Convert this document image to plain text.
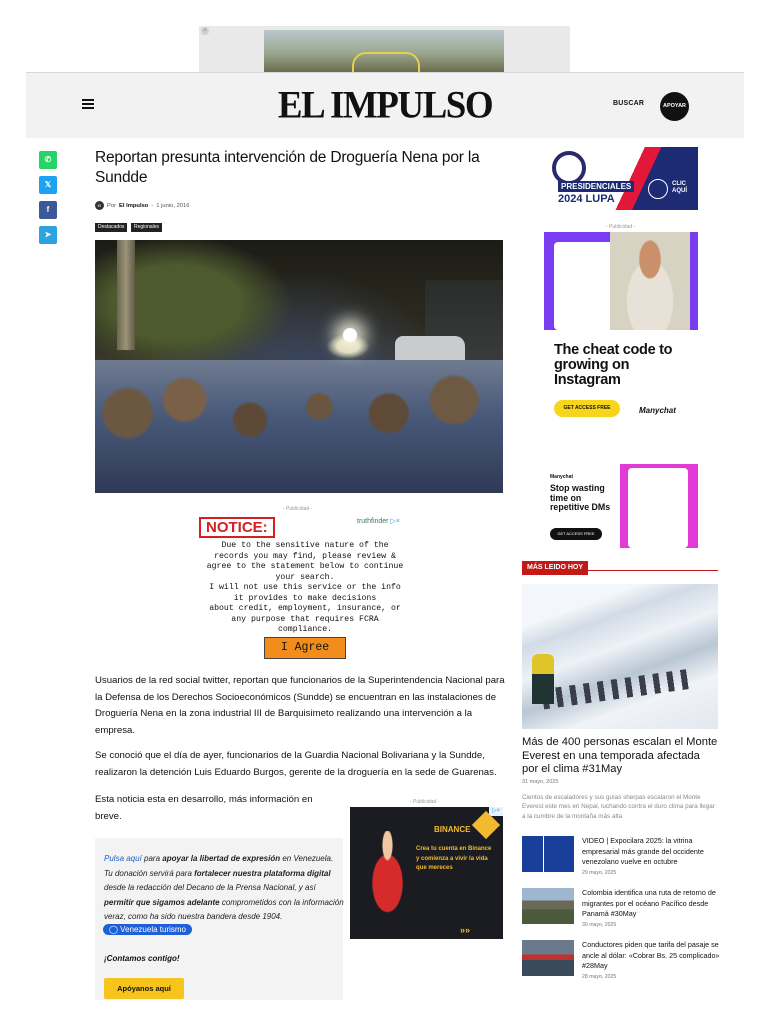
×
EL IMPULSO	BUSCAR	APOYAR
✆
𝕏
f
➤
Reportan presunta intervención de Droguería Nena por la Sundde
EI Por El Impulso - 1 junio, 2016
Destacados	Regionales
- Publicidad -
NOTICE:	truthfinder ▷×
Due to the sensitive nature of the
records you may find, please review &
agree to the statement below to continue
your search.
I will not use this service or the info
it provides to make decisions
about credit, employment, insurance, or
any purpose that requires FCRA
compliance.
I Agree

Usuarios de la red social twitter, reportan que funcionarios de la Superintendencia Nacional para la Defensa de los Derechos Socioeconómicos (Sundde) se encuentran en las instalaciones de Droguería Nena en la zona industrial III de Barquisimeto realizando una intervención a la empresa.

Se conoció que el día de ayer, funcionarios de la Guardia Nacional Bolivariana y la Sundde, realizaron la detención Luis Eduardo Burgos, gerente de la droguería en la sede de Guarenas.

Esta noticia esta en desarrollo, más información en breve.

- Publicidad -
▷×
BINANCE
Crea tu cuenta en Binance y comienza a vivir la vida que mereces
»»
Pulsa aquí para apoyar la libertad de expresión en Venezuela. Tu donación servirá para fortalecer nuestra plataforma digital desde la redacción del Decano de la Prensa Nacional, y así permitir que sigamos adelante comprometidos con la información veraz, como ha sido nuestra bandera desde 1904.
◯ Venezuela turismo
¡Contamos contigo!
Apóyanos aquí
PRESIDENCIALES
2024 LUPA
CLIC AQUÍ
- Publicidad -
The cheat code to growing on Instagram
GET ACCESS FREE	Manychat
Manychat
Stop wasting time on repetitive DMs
GET ACCESS FREE
MÁS LEIDO HOY
Más de 400 personas escalan el Monte Everest en una temporada afectada por el clima #31May
31 mayo, 2025
Cientos de escaladores y sus guías sherpas escalaron el Monte Everest este mes en Nepal, luchando contra el duro clima para llegar a la cumbre de la montaña más alta
VIDEO | Expocilara 2025: la vitrina empresarial más grande del occidente venezolano vuelve en octubre
29 mayo, 2025
Colombia identifica una ruta de retorno de migrantes por el océano Pacífico desde Panamá #30May
30 mayo, 2025
Conductores piden que tarifa del pasaje se ancle al dólar: «Cobrar Bs. 25 complicado» #28May
28 mayo, 2025
